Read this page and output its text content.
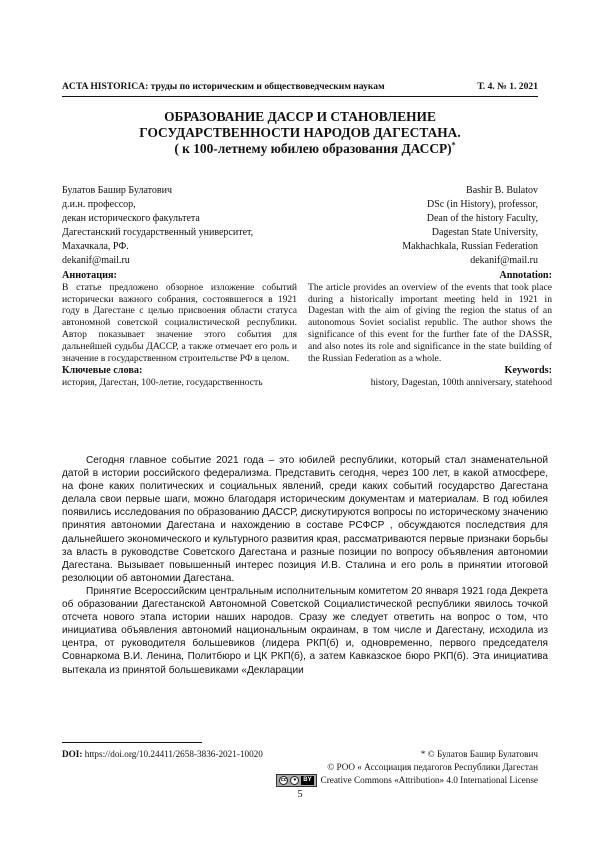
ACTA HISTORICA: труды по историческим и обществоведческим наукам	Т. 4. № 1. 2021
ОБРАЗОВАНИЕ ДАССР И СТАНОВЛЕНИЕ
ГОСУДАРСТВЕННОСТИ НАРОДОВ ДАГЕСТАНА.
( к 100-летнему юбилею образования ДАССР)*
Булатов Башир Булатович
д.и.н. профессор,
декан исторического факультета
Дагестанский государственный университет,
Махачкала, РФ.
dekanif@mail.ru
Bashir B. Bulatov
DSc (in History), professor,
Dean of the history Faculty,
Dagestan State University,
Makhachkala, Russian Federation
dekanif@mail.ru
Аннотация:

В статье предложено обзорное изложение событий исторически важного собрания, состоявшегося в 1921 году в Дагестане с целью присвоения области статуса автономной советской социалистической республики. Автор показывает значение этого события для дальнейшей судьбы ДАССР, а также отмечает его роль и значение в государственном строительстве РФ в целом.

Ключевые слова:

история, Дагестан, 100-летие, государственность

Annotation:

The article provides an overview of the events that took place during a historically important meeting held in 1921 in Dagestan with the aim of giving the region the status of an autonomous Soviet socialist republic. The author shows the significance of this event for the further fate of the DASSR, and also notes its role and significance in the state building of the Russian Federation as a whole.

Keywords:

history, Dagestan, 100th anniversary, statehood

Сегодня главное событие 2021 года – это юбилей республики, который стал знаменательной датой в истории российского федерализма. Представить сегодня, через 100 лет, в какой атмосфере, на фоне каких политических и социальных явлений, среди каких событий государство Дагестана делала свои первые шаги, можно благодаря историческим документам и материалам. В год юбилея появились исследования по образованию ДАССР, дискутируются вопросы по историческому значению принятия автономии Дагестана и нахождению в составе РСФСР , обсуждаются последствия для дальнейшего экономического и культурного развития края, рассматриваются первые признаки борьбы за власть в руководстве Советского Дагестана и разные позиции по вопросу объявления автономии Дагестана. Вызывает повышенный интерес позиция И.В. Сталина и его роль в принятии итоговой резолюции об автономии Дагестана.

Принятие Всероссийским центральным исполнительным комитетом 20 января 1921 года Декрета об образовании Дагестанской Автономной Советской Социалистической республики явилось точкой отсчета нового этапа истории наших народов. Сразу же следует ответить на вопрос о том, что инициатива объявления автономий национальным окраинам, в том числе и Дагестану, исходила из центра, от руководителя большевиков (лидера РКП(б) и, одновременно, первого председателя Совнаркома В.И. Ленина, Политбюро и ЦК РКП(б), а затем Кавказское бюро РКП(б). Эта инициатива вытекала из принятой большевиками «Декларации

DOI: https://doi.org/10.24411/2658-3836-2021-10020	* © Булатов Башир Булатович
© РОО « Ассоциация педагогов Республики Дагестан
cc	●	BY Creative Commons «Attribution» 4.0 International License
5
